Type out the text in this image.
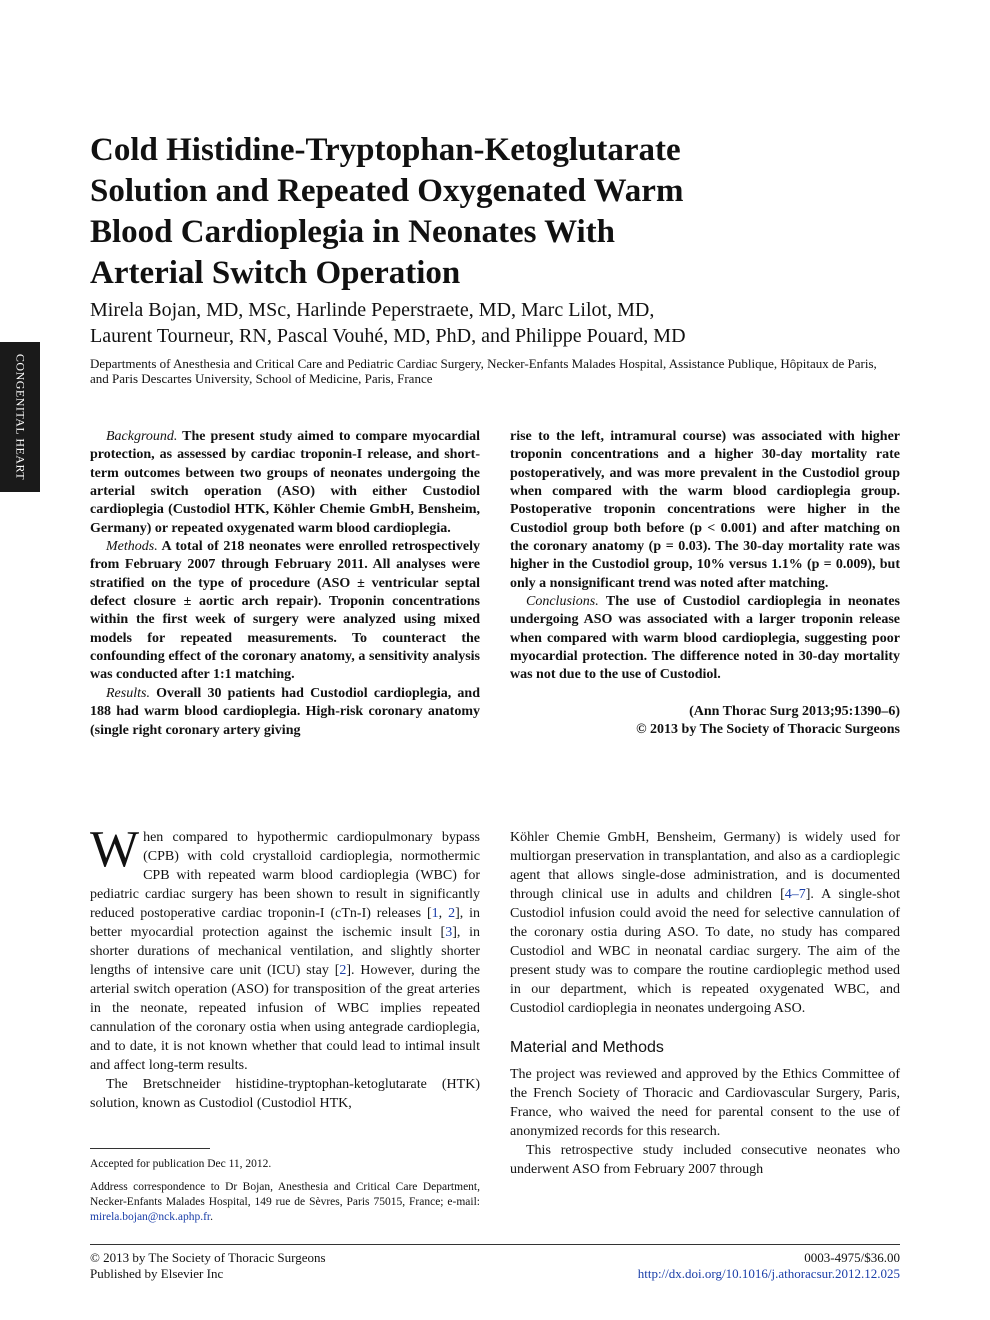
CONGENITAL HEART
Cold Histidine-Tryptophan-Ketoglutarate
Solution and Repeated Oxygenated Warm
Blood Cardioplegia in Neonates With
Arterial Switch Operation
Mirela Bojan, MD, MSc, Harlinde Peperstraete, MD, Marc Lilot, MD,
Laurent Tourneur, RN, Pascal Vouhé, MD, PhD, and Philippe Pouard, MD
Departments of Anesthesia and Critical Care and Pediatric Cardiac Surgery, Necker-Enfants Malades Hospital, Assistance Publique, Hôpitaux de Paris, and Paris Descartes University, School of Medicine, Paris, France

Background. The present study aimed to compare myocardial protection, as assessed by cardiac troponin-I release, and short-term outcomes between two groups of neonates undergoing the arterial switch operation (ASO) with either Custodiol cardioplegia (Custodiol HTK, Köhler Chemie GmbH, Bensheim, Germany) or repeated oxygenated warm blood cardioplegia.

Methods. A total of 218 neonates were enrolled retrospectively from February 2007 through February 2011. All analyses were stratified on the type of procedure (ASO ± ventricular septal defect closure ± aortic arch repair). Troponin concentrations within the first week of surgery were analyzed using mixed models for repeated measurements. To counteract the confounding effect of the coronary anatomy, a sensitivity analysis was conducted after 1:1 matching.

Results. Overall 30 patients had Custodiol cardioplegia, and 188 had warm blood cardioplegia. High-risk coronary anatomy (single right coronary artery giving

rise to the left, intramural course) was associated with higher troponin concentrations and a higher 30-day mortality rate postoperatively, and was more prevalent in the Custodiol group when compared with the warm blood cardioplegia group. Postoperative troponin concentrations were higher in the Custodiol group both before (p < 0.001) and after matching on the coronary anatomy (p = 0.03). The 30-day mortality rate was higher in the Custodiol group, 10% versus 1.1% (p = 0.009), but only a nonsignificant trend was noted after matching.

Conclusions. The use of Custodiol cardioplegia in neonates undergoing ASO was associated with a larger troponin release when compared with warm blood cardioplegia, suggesting poor myocardial protection. The difference noted in 30-day mortality was not due to the use of Custodiol.

(Ann Thorac Surg 2013;95:1390–6)
© 2013 by The Society of Thoracic Surgeons

When compared to hypothermic cardiopulmonary bypass (CPB) with cold crystalloid cardioplegia, normothermic CPB with repeated warm blood cardioplegia (WBC) for pediatric cardiac surgery has been shown to result in significantly reduced postoperative cardiac troponin-I (cTn-I) releases [1, 2], in better myocardial protection against the ischemic insult [3], in shorter durations of mechanical ventilation, and slightly shorter lengths of intensive care unit (ICU) stay [2]. However, during the arterial switch operation (ASO) for transposition of the great arteries in the neonate, repeated infusion of WBC implies repeated cannulation of the coronary ostia when using antegrade cardioplegia, and to date, it is not known whether that could lead to intimal insult and affect long-term results.

The Bretschneider histidine-tryptophan-ketoglutarate (HTK) solution, known as Custodiol (Custodiol HTK,

Köhler Chemie GmbH, Bensheim, Germany) is widely used for multiorgan preservation in transplantation, and also as a cardioplegic agent that allows single-dose administration, and is documented through clinical use in adults and children [4–7]. A single-shot Custodiol infusion could avoid the need for selective cannulation of the coronary ostia during ASO. To date, no study has compared Custodiol and WBC in neonatal cardiac surgery. The aim of the present study was to compare the routine cardioplegic method used in our department, which is repeated oxygenated WBC, and Custodiol cardioplegia in neonates undergoing ASO.

Material and Methods

The project was reviewed and approved by the Ethics Committee of the French Society of Thoracic and Cardiovascular Surgery, Paris, France, who waived the need for parental consent to the use of anonymized records for this research.

This retrospective study included consecutive neonates who underwent ASO from February 2007 through

Accepted for publication Dec 11, 2012.

Address correspondence to Dr Bojan, Anesthesia and Critical Care Department, Necker-Enfants Malades Hospital, 149 rue de Sèvres, Paris 75015, France; e-mail: mirela.bojan@nck.aphp.fr.

© 2013 by The Society of Thoracic Surgeons
Published by Elsevier Inc
0003-4975/$36.00
http://dx.doi.org/10.1016/j.athoracsur.2012.12.025
